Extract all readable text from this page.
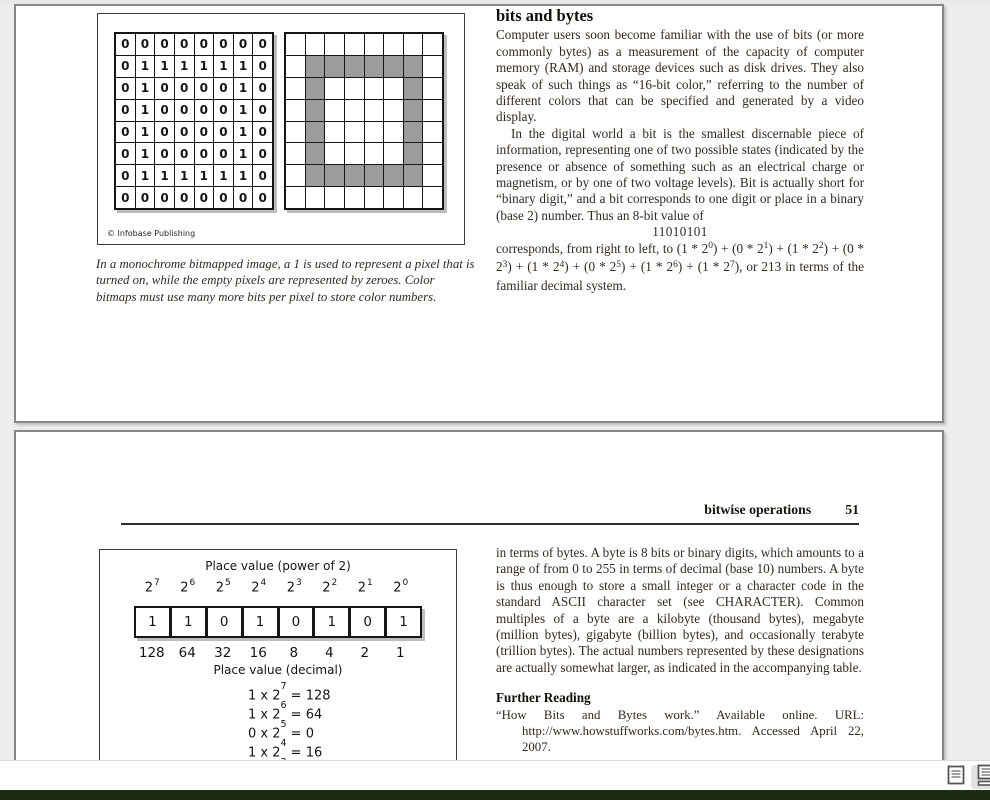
0 0 0 0 0 0 0 0
0 1 1 1 1 1 1 0
0 1 0 0 0 0 1 0
0 1 0 0 0 0 1 0
0 1 0 0 0 0 1 0
0 1 0 0 0 0 1 0
0 1 1 1 1 1 1 0
0 0 0 0 0 0 0 0
© Infobase Publishing
In a monochrome bitmapped image, a 1 is used to represent a pixel that is turned on, while the empty pixels are represented by zeroes. Color bitmaps must use many more bits per pixel to store color numbers.
bits and bytes

Computer users soon become familiar with the use of bits (or more commonly bytes) as a measurement of the capacity of computer memory (RAM) and storage devices such as disk drives. They also speak of such things as “16-bit color,” referring to the number of different colors that can be specified and generated by a video display.

In the digital world a bit is the smallest discernable piece of information, representing one of two possible states (indicated by the presence or absence of something such as an electrical charge or magnetism, or by one of two voltage levels). Bit is actually short for “binary digit,” and a bit corresponds to one digit or place in a binary (base 2) number. Thus an 8-bit value of

11010101

corresponds, from right to left, to $(1 * 2^0) + (0 * 2^1) + (1 * 2^2) + (0 * 2^3) + (1 * 2^4) + (0 * 2^5) + (1 * 2^6) + (1 * 2^7)$, or 213 in terms of the familiar decimal system.

bitwise operations 51
Place value (power of 2)
$2^7$	$2^6$	$2^5$	$2^4$	$2^3$	$2^2$	$2^1$	$2^0$
1	1	0	1	0	1	0	1
128	64	32	16	8	4	2	1
Place value (decimal)
1 x $2^7 = 128$
1 x $2^6 = 64$
0 x $2^5 = 0$
1 x $2^4 = 16$

in terms of bytes. A byte is 8 bits or binary digits, which amounts to a range of from 0 to 255 in terms of decimal (base 10) numbers. A byte is thus enough to store a small integer or a character code in the standard ASCII character set (see CHARACTER). Common multiples of a byte are a kilobyte (thousand bytes), megabyte (million bytes), gigabyte (billion bytes), and occasionally terabyte (trillion bytes). The actual numbers represented by these designations are actually somewhat larger, as indicated in the accompanying table.

Further Reading

“How Bits and Bytes work.” Available online. URL: http://www.howstuffworks.com/bytes.htm. Accessed April 22, 2007.
